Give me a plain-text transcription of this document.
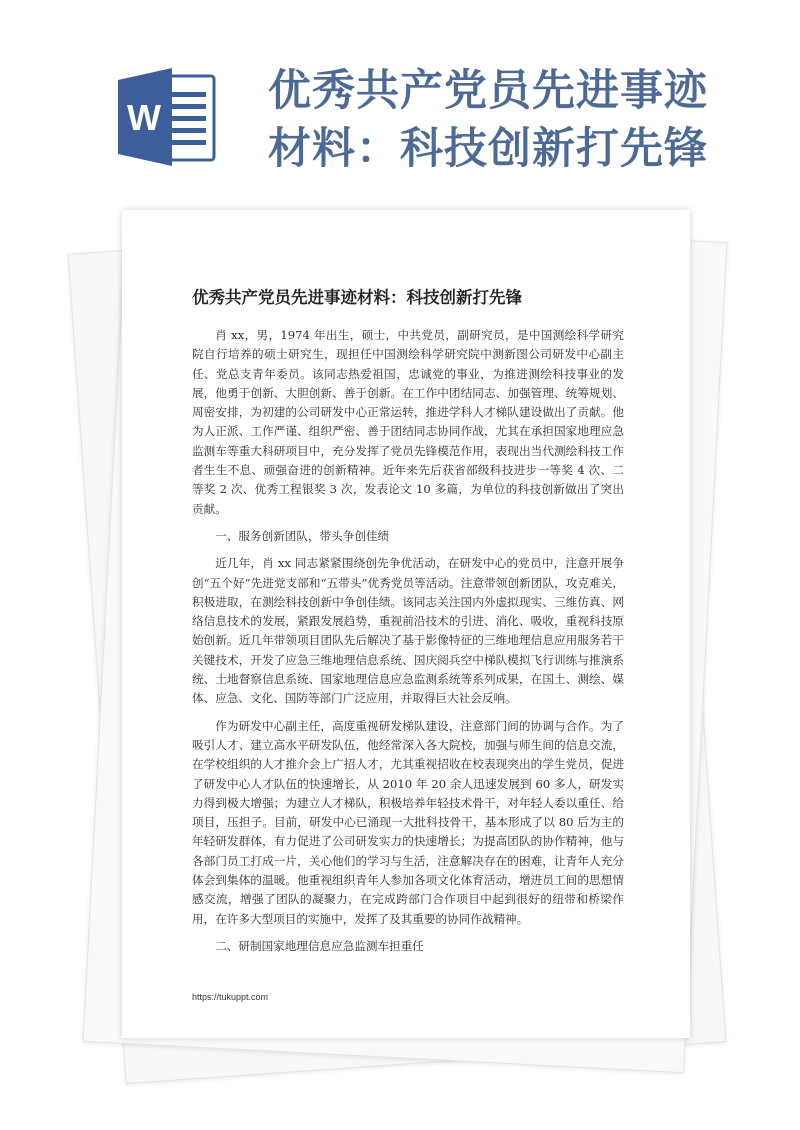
W
优秀共产党员先进事迹
材料：科技创新打先锋
优秀共产党员先进事迹材料：科技创新打先锋

肖 xx，男，1974 年出生，硕士，中共党员，副研究员，是中国测绘科学研究院自行培养的硕士研究生，现担任中国测绘科学研究院中测新图公司研发中心副主任、党总支青年委员。该同志热爱祖国，忠诚党的事业，为推进测绘科技事业的发展，他勇于创新、大胆创新、善于创新。在工作中团结同志、加强管理、统筹规划、周密安排，为初建的公司研发中心正常运转，推进学科人才梯队建设做出了贡献。他为人正派、工作严谨、组织严密、善于团结同志协同作战，尤其在承担国家地理应急监测车等重大科研项目中，充分发挥了党员先锋模范作用，表现出当代测绘科技工作者生生不息、顽强奋进的创新精神。近年来先后获省部级科技进步一等奖 4 次、二等奖 2 次、优秀工程银奖 3 次，发表论文 10 多篇，为单位的科技创新做出了突出贡献。

一、服务创新团队，带头争创佳绩

近几年，肖 xx 同志紧紧围绕创先争优活动，在研发中心的党员中，注意开展争创“五个好”先进党支部和“五带头”优秀党员等活动。注意带领创新团队，攻克难关，积极进取，在测绘科技创新中争创佳绩。该同志关注国内外虚拟现实、三维仿真、网络信息技术的发展，紧跟发展趋势，重视前沿技术的引进、消化、吸收，重视科技原始创新。近几年带领项目团队先后解决了基于影像特征的三维地理信息应用服务若干关键技术，开发了应急三维地理信息系统、国庆阅兵空中梯队模拟飞行训练与推演系统、土地督察信息系统、国家地理信息应急监测系统等系列成果，在国土、测绘、媒体、应急、文化、国防等部门广泛应用，并取得巨大社会反响。

作为研发中心副主任，高度重视研发梯队建设，注意部门间的协调与合作。为了吸引人才、建立高水平研发队伍，他经常深入各大院校，加强与师生间的信息交流，在学校组织的人才推介会上广招人才，尤其重视招收在校表现突出的学生党员，促进了研发中心人才队伍的快速增长，从 2010 年 20 余人迅速发展到 60 多人，研发实力得到极大增强；为建立人才梯队，积极培养年轻技术骨干，对年轻人委以重任、给项目，压担子。目前，研发中心已涌现一大批科技骨干，基本形成了以 80 后为主的年轻研发群体，有力促进了公司研发实力的快速增长；为提高团队的协作精神，他与各部门员工打成一片，关心他们的学习与生活，注意解决存在的困难，让青年人充分体会到集体的温暖。他重视组织青年人参加各项文化体育活动，增进员工间的思想情感交流，增强了团队的凝聚力，在完成跨部门合作项目中起到很好的纽带和桥梁作用，在许多大型项目的实施中，发挥了及其重要的协同作战精神。

二、研制国家地理信息应急监测车担重任
https://tukuppt.com
